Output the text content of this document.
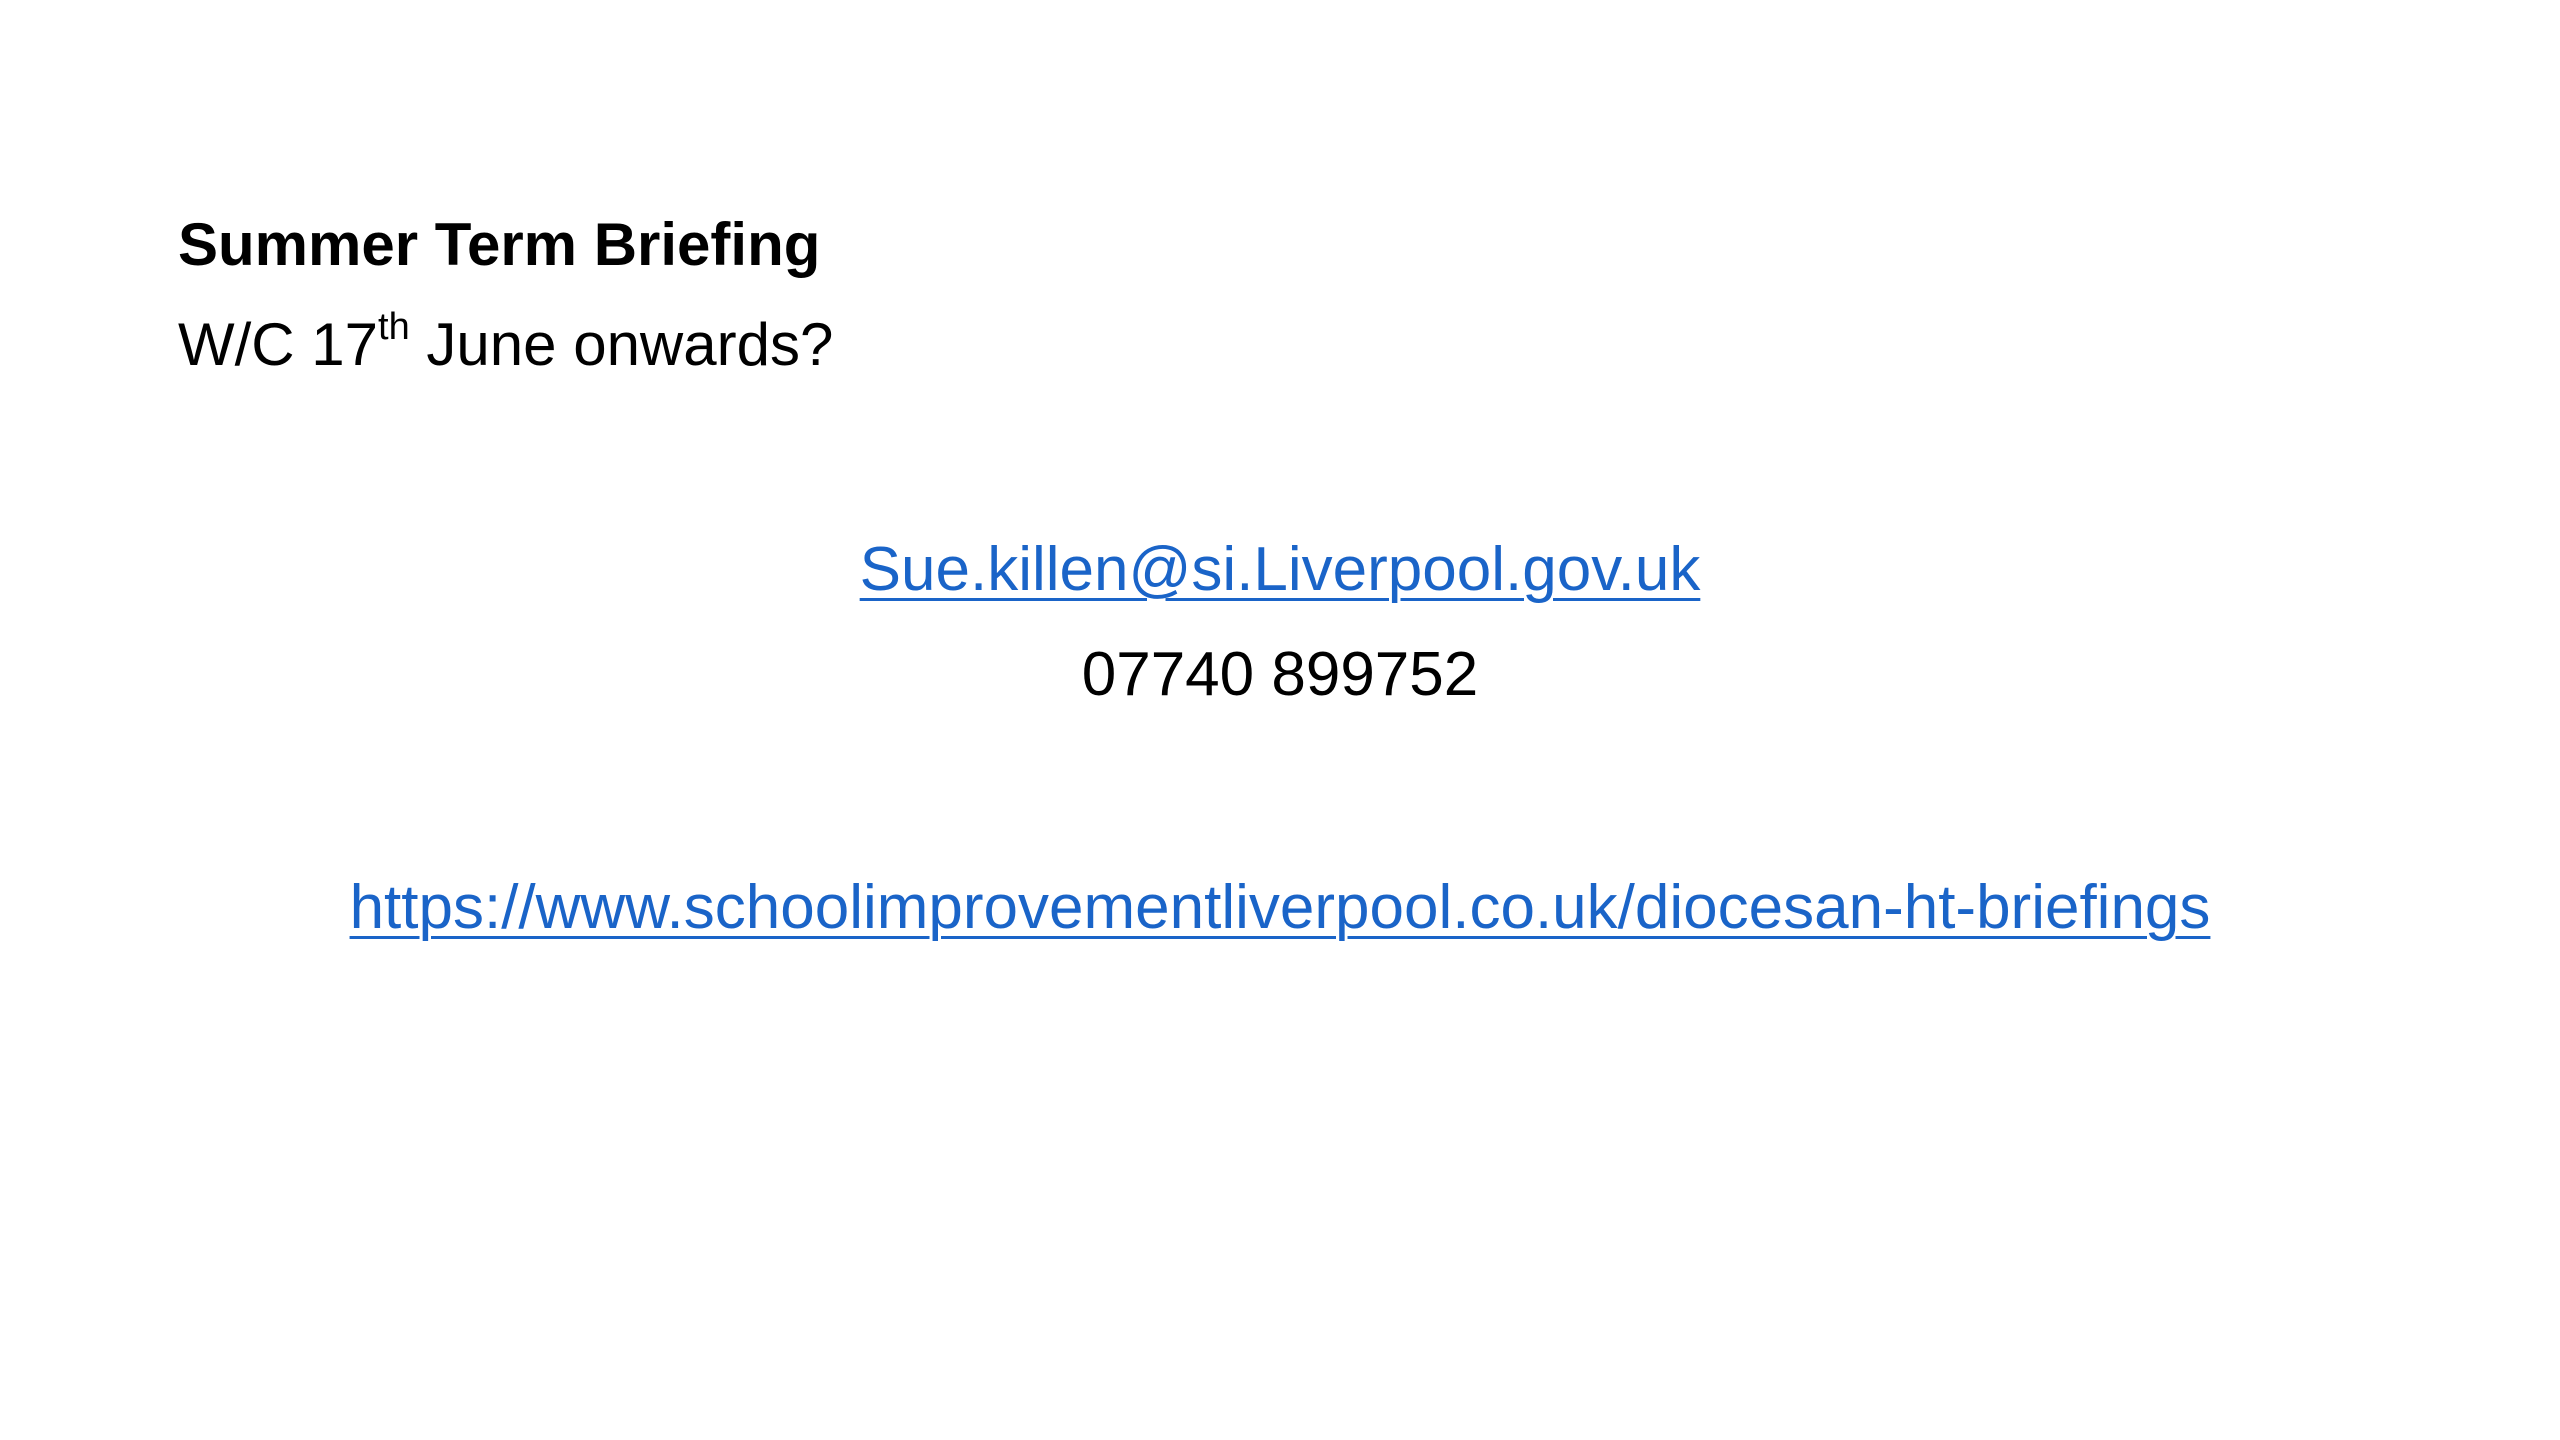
Summer Term Briefing
W/C 17th June onwards?
Sue.killen@si.Liverpool.gov.uk
07740 899752
https://www.schoolimprovementliverpool.co.uk/diocesan-ht-briefings
